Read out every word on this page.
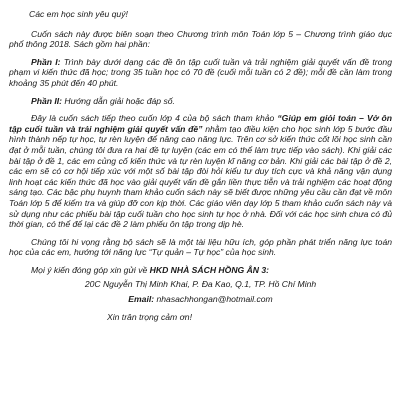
Các em học sinh yêu quý!

Cuốn sách này được biên soạn theo Chương trình môn Toán lớp 5 – Chương trình giáo dục phổ thông 2018. Sách gồm hai phần:

Phần I: Trình bày dưới dạng các đề ôn tập cuối tuần và trải nghiệm giải quyết vấn đề trong phạm vi kiến thức đã học; trong 35 tuần học có 70 đề (cuối mỗi tuần có 2 đề); mỗi đề cần làm trong khoảng 35 phút đến 40 phút.

Phần II: Hướng dẫn giải hoặc đáp số.

Đây là cuốn sách tiếp theo cuốn lớp 4 của bộ sách tham khảo “Giúp em giỏi toán – Vở ôn tập cuối tuần và trải nghiệm giải quyết vấn đề” nhằm tạo điều kiện cho học sinh lớp 5 bước đầu hình thành nếp tự học, tự rèn luyện để nâng cao năng lực. Trên cơ sở kiến thức cốt lõi học sinh cần đạt ở mỗi tuần, chúng tôi đưa ra hai đề tự luyện (các em có thể làm trực tiếp vào sách). Khi giải các bài tập ở đề 1, các em củng cố kiến thức và tự rèn luyện kĩ năng cơ bản. Khi giải các bài tập ở đề 2, các em sẽ có cơ hội tiếp xúc với một số bài tập đòi hỏi kiểu tư duy tích cực và khả năng vận dụng linh hoạt các kiến thức đã học vào giải quyết vấn đề gắn liền thực tiễn và trải nghiệm các hoạt động sáng tạo. Các bậc phụ huynh tham khảo cuốn sách này sẽ biết được những yêu cầu cần đạt về môn Toán lớp 5 để kiểm tra và giúp đỡ con kịp thời. Các giáo viên dạy lớp 5 tham khảo cuốn sách này và sử dụng như các phiếu bài tập cuối tuần cho học sinh tự học ở nhà. Đối với các học sinh chưa có đủ thời gian, có thể để lại các đề 2 làm phiếu ôn tập trong dịp hè.

Chúng tôi hi vọng rằng bộ sách sẽ là một tài liệu hữu ích, góp phần phát triển năng lực toán học của các em, hướng tới năng lực “Tự quản – Tự học” của học sinh.

Mọi ý kiến đóng góp xin gửi về HKD NHÀ SÁCH HỒNG ÂN 3:

20C Nguyễn Thị Minh Khai, P. Đa Kao, Q.1, TP. Hồ Chí Minh

Email: nhasachhongan@hotmail.com

Xin trân trọng cảm ơn!
